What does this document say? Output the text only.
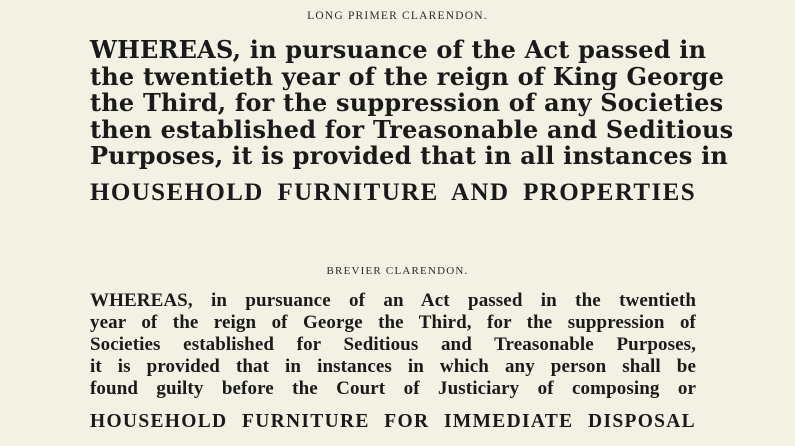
LONG PRIMER CLARENDON.
WHEREAS, in pursuance of the Act passed in
the twentieth year of the reign of King George
the Third, for the suppression of any Societies
then established for Treasonable and Seditious
Purposes, it is provided that in all instances in
HOUSEHOLD FURNITURE AND PROPERTIES
BREVIER CLARENDON.
WHEREAS, in pursuance of an Act passed in the twentieth
year of the reign of George the Third, for the suppression of
Societies established for Seditious and Treasonable Purposes,
it is provided that in instances in which any person shall be
found guilty before the Court of Justiciary of composing or
HOUSEHOLD FURNITURE FOR IMMEDIATE DISPOSAL
